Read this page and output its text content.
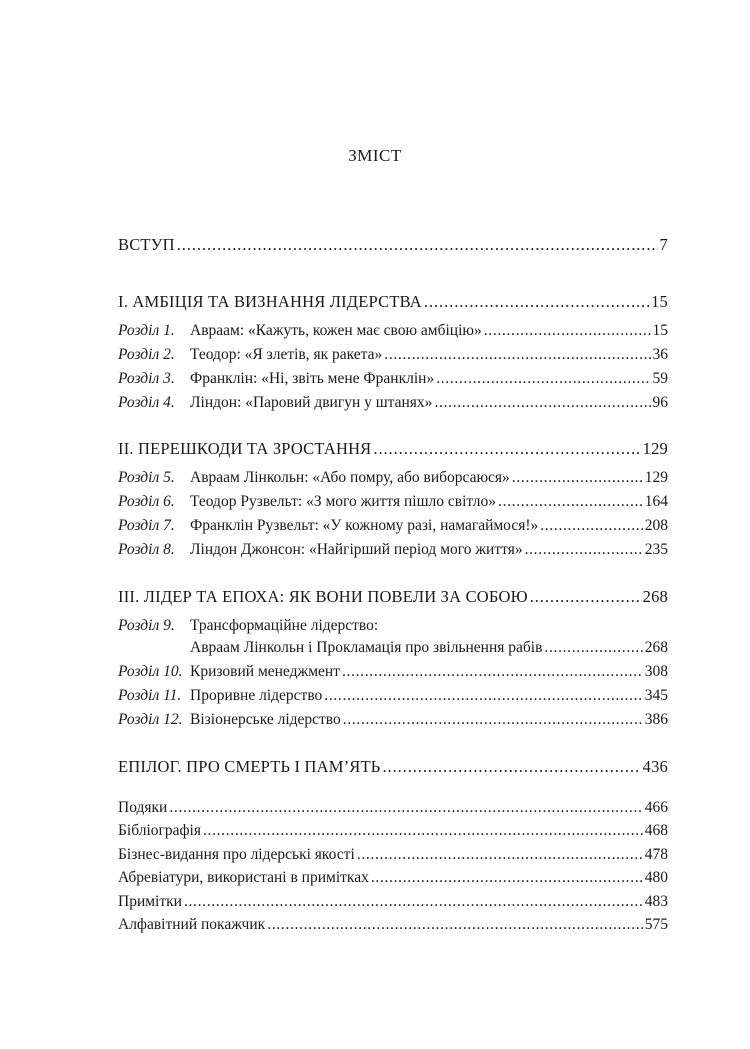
ЗМІСТ
ВСТУП . . .	7
I. АМБІЦІЯ ТА ВИЗНАННЯ ЛІДЕРСТВА . . .	15
Розділ 1. Авраам: «Кажуть, кожен має свою амбіцію» . . .	15
Розділ 2. Теодор: «Я злетів, як ракета» . . .	36
Розділ 3. Франклін: «Ні, звіть мене Франклін» . . .	59
Розділ 4. Ліндон: «Паровий двигун у штанях» . . .	96
II. ПЕРЕШКОДИ ТА ЗРОСТАННЯ . . .	129
Розділ 5. Авраам Лінкольн: «Або помру, або виборсаюся» . . .	129
Розділ 6. Теодор Рузвельт: «З мого життя пішло світло» . . .	164
Розділ 7. Франклін Рузвельт: «У кожному разі, намагаймося!» . . .	208
Розділ 8. Ліндон Джонсон: «Найгірший період мого життя» . . .	235
III. ЛІДЕР ТА ЕПОХА: ЯК ВОНИ ПОВЕЛИ ЗА СОБОЮ . . .	268
Розділ 9. Трансформаційне лідерство:
Авраам Лінкольн і Прокламація про звільнення рабів . . .	268
Розділ 10. Кризовий менеджмент . . .	308
Розділ 11. Проривне лідерство . . .	345
Розділ 12. Візіонерське лідерство . . .	386
ЕПІЛОГ. ПРО СМЕРТЬ І ПАМ’ЯТЬ . . .	436
Подяки . . .	466
Бібліографія . . .	468
Бізнес-видання про лідерські якості . . .	478
Абревіатури, використані в примітках . . .	480
Примітки . . .	483
Алфавітний покажчик . . .	575
